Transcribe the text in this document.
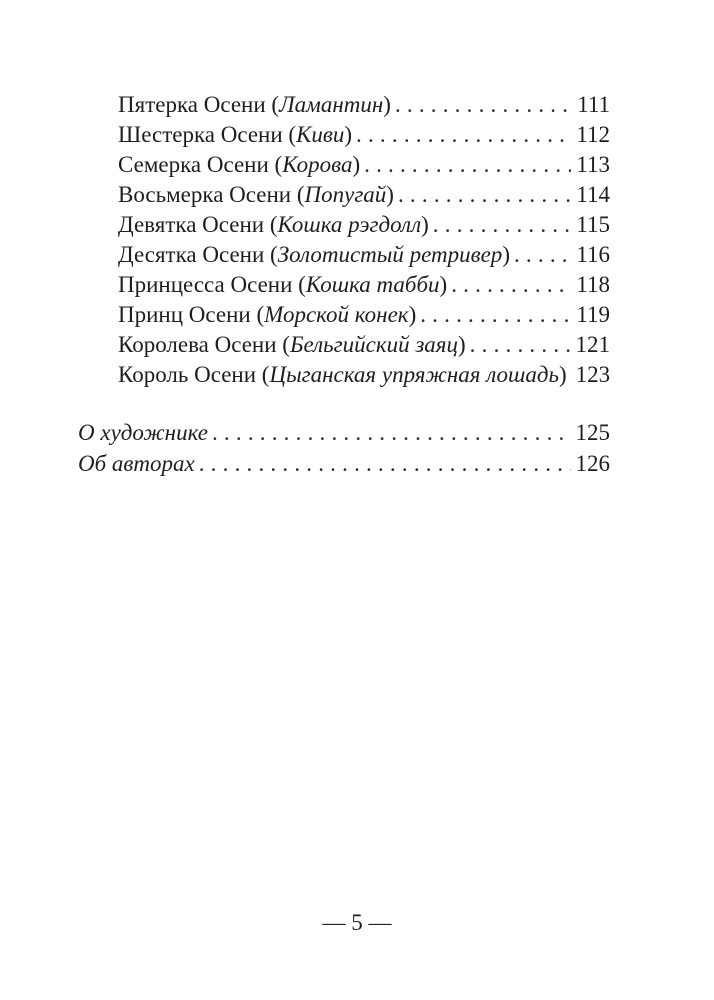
Пятерка Осени (Ламантин) .....	111
Шестерка Осени (Киви) .....	112
Семерка Осени (Корова) .....	113
Восьмерка Осени (Попугай) .....	114
Девятка Осени (Кошка рэгдолл) .....	115
Десятка Осени (Золотистый ретривер) .....	116
Принцесса Осени (Кошка табби) .....	118
Принц Осени (Морской конек) .....	119
Королева Осени (Бельгийский заяц) .....	121
Король Осени (Цыганская упряжная лошадь) 123
О художнике .....	125
Об авторах .....	126
— 5 —
